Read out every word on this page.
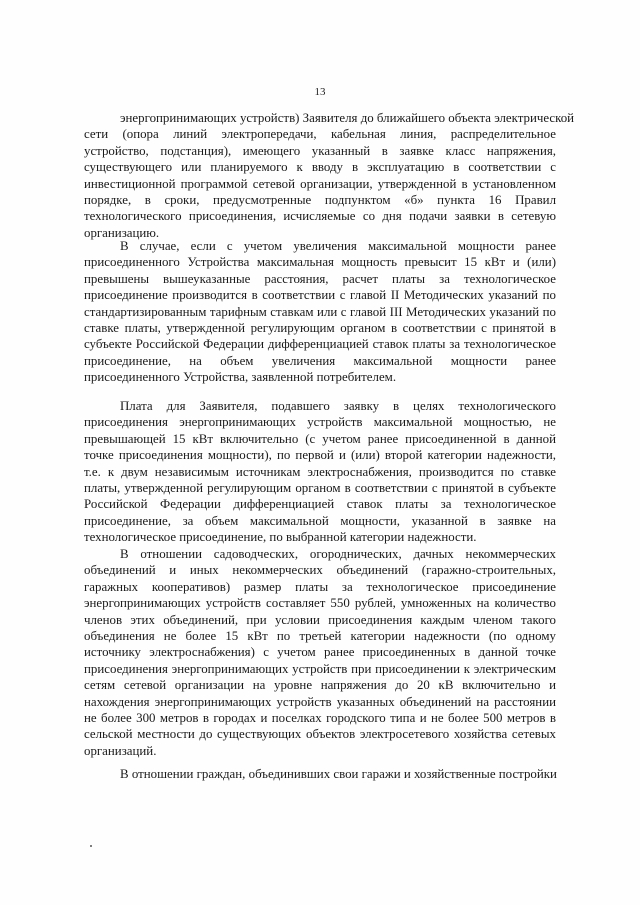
13
энергопринимающих устройств) Заявителя до ближайшего объекта электрической
сети (опора линий электропередачи, кабельная линия, распределительное
устройство, подстанция), имеющего указанный в заявке класс напряжения,
существующего или планируемого к вводу в эксплуатацию в соответствии с
инвестиционной программой сетевой организации, утвержденной в установленном
порядке, в сроки, предусмотренные подпунктом «б» пункта 16 Правил
технологического присоединения, исчисляемые со дня подачи заявки в сетевую
организацию.
В случае, если с учетом увеличения максимальной мощности ранее
присоединенного Устройства максимальная мощность превысит 15 кВт и (или)
превышены вышеуказанные расстояния, расчет платы за технологическое
присоединение производится в соответствии с главой II Методических указаний по
стандартизированным тарифным ставкам или с главой III Методических указаний по
ставке платы, утвержденной регулирующим органом в соответствии с принятой в
субъекте Российской Федерации дифференциацией ставок платы за технологическое
присоединение, на объем увеличения максимальной мощности ранее
присоединенного Устройства, заявленной потребителем.
Плата для Заявителя, подавшего заявку в целях технологического
присоединения энергопринимающих устройств максимальной мощностью, не
превышающей 15 кВт включительно (с учетом ранее присоединенной в данной
точке присоединения мощности), по первой и (или) второй категории надежности,
т.е. к двум независимым источникам электроснабжения, производится по ставке
платы, утвержденной регулирующим органом в соответствии с принятой в субъекте
Российской Федерации дифференциацией ставок платы за технологическое
присоединение, за объем максимальной мощности, указанной в заявке на
технологическое присоединение, по выбранной категории надежности.
В отношении садоводческих, огороднических, дачных некоммерческих
объединений и иных некоммерческих объединений (гаражно-строительных,
гаражных кооперативов) размер платы за технологическое присоединение
энергопринимающих устройств составляет 550 рублей, умноженных на количество
членов этих объединений, при условии присоединения каждым членом такого
объединения не более 15 кВт по третьей категории надежности (по одному
источнику электроснабжения) с учетом ранее присоединенных в данной точке
присоединения энергопринимающих устройств при присоединении к электрическим
сетям сетевой организации на уровне напряжения до 20 кВ включительно и
нахождения энергопринимающих устройств указанных объединений на расстоянии
не более 300 метров в городах и поселках городского типа и не более 500 метров в
сельской местности до существующих объектов электросетевого хозяйства сетевых
организаций.
В отношении граждан, объединивших свои гаражи и хозяйственные постройки
